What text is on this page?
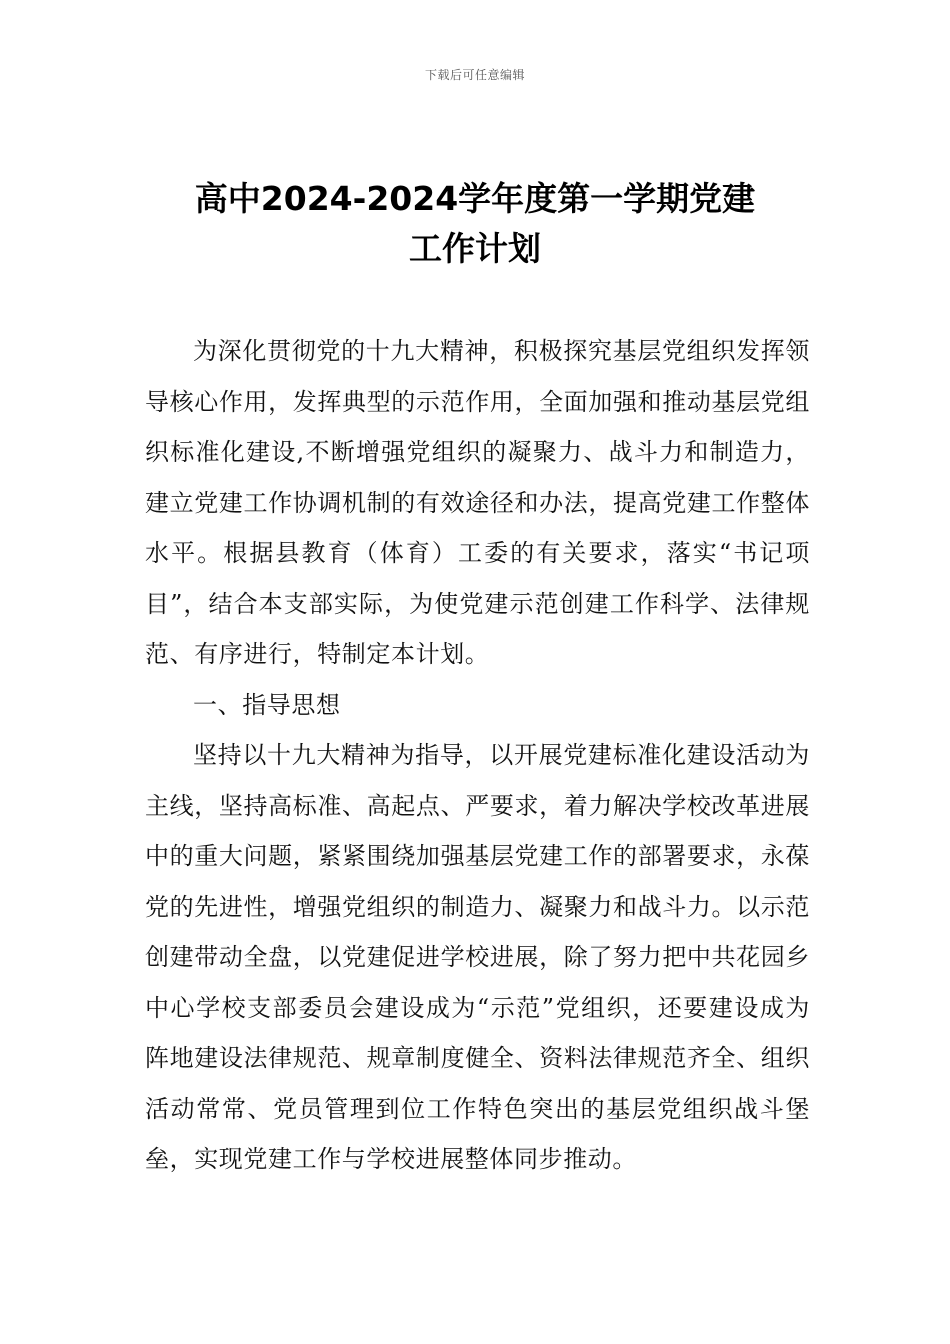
下载后可任意编辑
高中2024-2024学年度第一学期党建
工作计划

为深化贯彻党的十九大精神，积极探究基层党组织发挥领导核心作用，发挥典型的示范作用，全面加强和推动基层党组织标准化建设,不断增强党组织的凝聚力、战斗力和制造力，建立党建工作协调机制的有效途径和办法，提高党建工作整体水平。根据县教育（体育）工委的有关要求，落实“书记项目”，结合本支部实际，为使党建示范创建工作科学、法律规范、有序进行，特制定本计划。

一、指导思想

坚持以十九大精神为指导，以开展党建标准化建设活动为主线，坚持高标准、高起点、严要求，着力解决学校改革进展中的重大问题，紧紧围绕加强基层党建工作的部署要求，永葆党的先进性，增强党组织的制造力、凝聚力和战斗力。以示范创建带动全盘，以党建促进学校进展，除了努力把中共花园乡中心学校支部委员会建设成为“示范”党组织，还要建设成为阵地建设法律规范、规章制度健全、资料法律规范齐全、组织活动常常、党员管理到位工作特色突出的基层党组织战斗堡垒，实现党建工作与学校进展整体同步推动。
